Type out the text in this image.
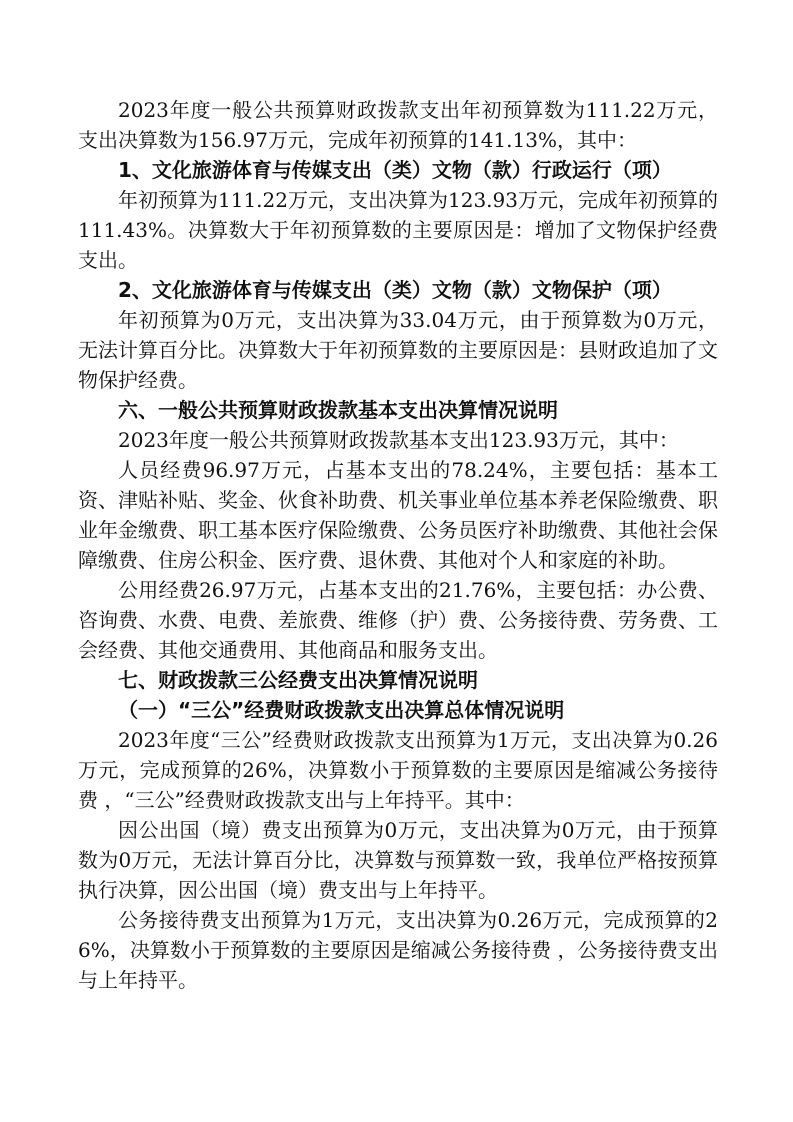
2023年度一般公共预算财政拨款支出年初预算数为111.22万元，支出决算数为156.97万元，完成年初预算的141.13%，其中：

1、文化旅游体育与传媒支出（类）文物（款）行政运行（项）

年初预算为111.22万元，支出决算为123.93万元，完成年初预算的111.43%。决算数大于年初预算数的主要原因是：增加了文物保护经费支出。

2、文化旅游体育与传媒支出（类）文物（款）文物保护（项）

年初预算为0万元，支出决算为33.04万元，由于预算数为0万元，无法计算百分比。决算数大于年初预算数的主要原因是：县财政追加了文物保护经费。

六、一般公共预算财政拨款基本支出决算情况说明

2023年度一般公共预算财政拨款基本支出123.93万元，其中：

人员经费96.97万元，占基本支出的78.24%，主要包括：基本工资、津贴补贴、奖金、伙食补助费、机关事业单位基本养老保险缴费、职业年金缴费、职工基本医疗保险缴费、公务员医疗补助缴费、其他社会保障缴费、住房公积金、医疗费、退休费、其他对个人和家庭的补助。

公用经费26.97万元，占基本支出的21.76%，主要包括：办公费、咨询费、水费、电费、差旅费、维修（护）费、公务接待费、劳务费、工会经费、其他交通费用、其他商品和服务支出。

七、财政拨款三公经费支出决算情况说明

（一）“三公”经费财政拨款支出决算总体情况说明

2023年度“三公”经费财政拨款支出预算为1万元，支出决算为0.26万元，完成预算的26%，决算数小于预算数的主要原因是缩减公务接待费 ，“三公”经费财政拨款支出与上年持平。其中：

因公出国（境）费支出预算为0万元，支出决算为0万元，由于预算数为0万元，无法计算百分比，决算数与预算数一致，我单位严格按预算执行决算，因公出国（境）费支出与上年持平。

公务接待费支出预算为1万元，支出决算为0.26万元，完成预算的26%，决算数小于预算数的主要原因是缩减公务接待费 ，公务接待费支出与上年持平。
